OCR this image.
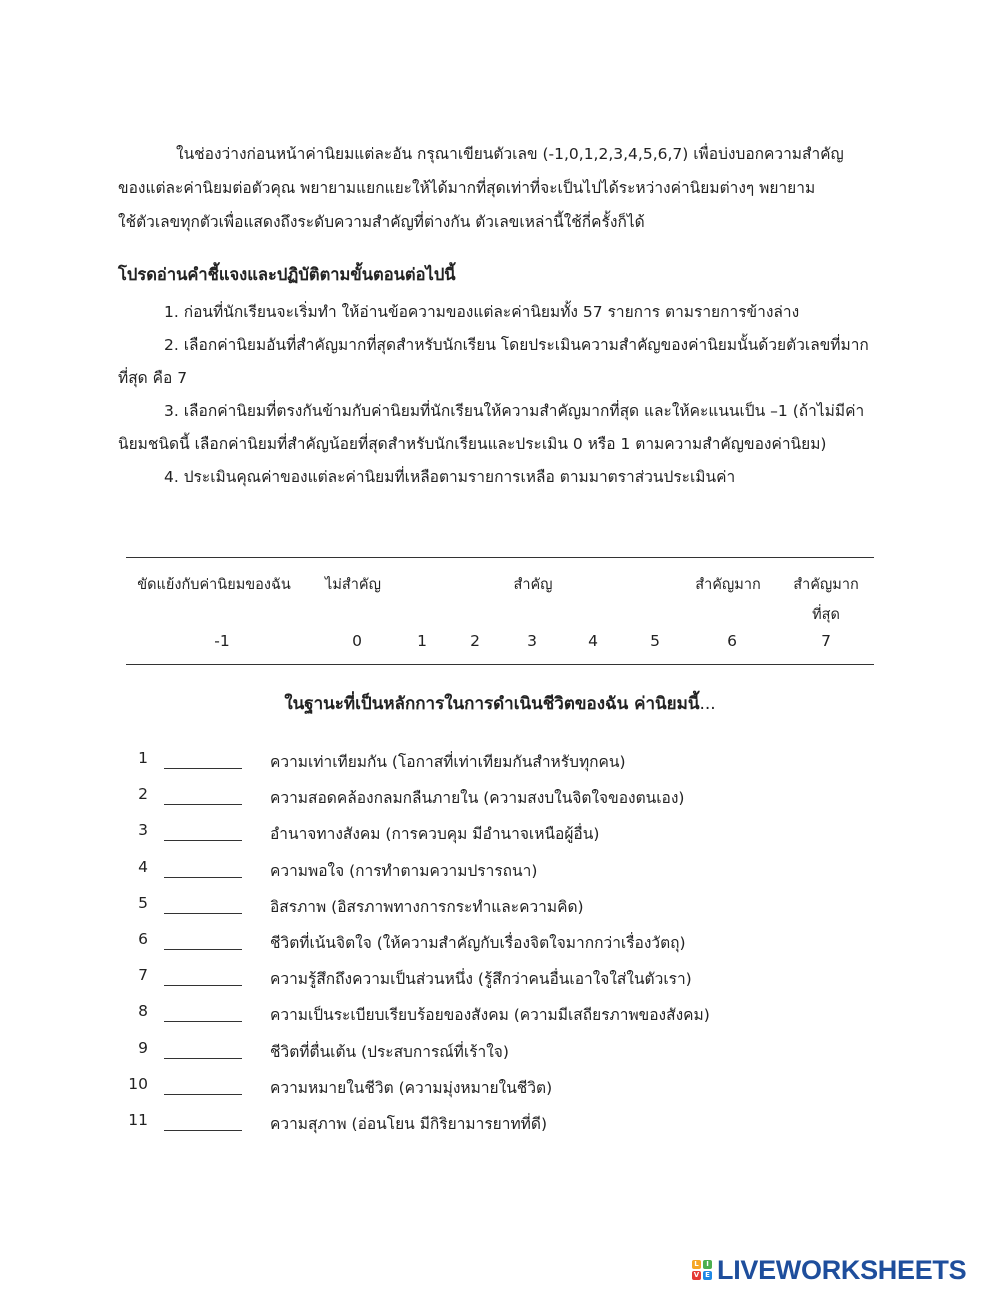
ในช่องว่างก่อนหน้าค่านิยมแต่ละอัน กรุณาเขียนตัวเลข (-1,0,1,2,3,4,5,6,7) เพื่อบ่งบอกความสำคัญ

ของแต่ละค่านิยมต่อตัวคุณ พยายามแยกแยะให้ได้มากที่สุดเท่าที่จะเป็นไปได้ระหว่างค่านิยมต่างๆ พยายาม

ใช้ตัวเลขทุกตัวเพื่อแสดงถึงระดับความสำคัญที่ต่างกัน ตัวเลขเหล่านี้ใช้กี่ครั้งก็ได้

โปรดอ่านคำชี้แจงและปฏิบัติตามขั้นตอนต่อไปนี้

1. ก่อนที่นักเรียนจะเริ่มทำ ให้อ่านข้อความของแต่ละค่านิยมทั้ง 57 รายการ ตามรายการข้างล่าง

2. เลือกค่านิยมอันที่สำคัญมากที่สุดสำหรับนักเรียน โดยประเมินความสำคัญของค่านิยมนั้นด้วยตัวเลขที่มากที่สุด คือ 7

3. เลือกค่านิยมที่ตรงกันข้ามกับค่านิยมที่นักเรียนให้ความสำคัญมากที่สุด และให้คะแนนเป็น –1 (ถ้าไม่มีค่านิยมชนิดนี้ เลือกค่านิยมที่สำคัญน้อยที่สุดสำหรับนักเรียนและประเมิน 0 หรือ 1 ตามความสำคัญของค่านิยม)

4. ประเมินคุณค่าของแต่ละค่านิยมที่เหลือตามรายการเหลือ ตามมาตราส่วนประเมินค่า

ขัดแย้งกับค่านิยมของฉัน	ไม่สำคัญ	สำคัญ	สำคัญมาก	สำคัญมาก
ที่สุด
-1	0	1	2	3	4	5	6	7
ในฐานะที่เป็นหลักการในการดำเนินชีวิตของฉัน ค่านิยมนี้...
1	ความเท่าเทียมกัน (โอกาสที่เท่าเทียมกันสำหรับทุกคน)
2	ความสอดคล้องกลมกลืนภายใน (ความสงบในจิตใจของตนเอง)
3	อำนาจทางสังคม (การควบคุม มีอำนาจเหนือผู้อื่น)
4	ความพอใจ (การทำตามความปรารถนา)
5	อิสรภาพ (อิสรภาพทางการกระทำและความคิด)
6	ชีวิตที่เน้นจิตใจ (ให้ความสำคัญกับเรื่องจิตใจมากกว่าเรื่องวัตถุ)
7	ความรู้สึกถึงความเป็นส่วนหนึ่ง (รู้สึกว่าคนอื่นเอาใจใส่ในตัวเรา)
8	ความเป็นระเบียบเรียบร้อยของสังคม (ความมีเสถียรภาพของสังคม)
9	ชีวิตที่ตื่นเต้น (ประสบการณ์ที่เร้าใจ)
10	ความหมายในชีวิต (ความมุ่งหมายในชีวิต)
11	ความสุภาพ (อ่อนโยน มีกิริยามารยาทที่ดี)
L	I
V E LIVEWORKSHEETS
